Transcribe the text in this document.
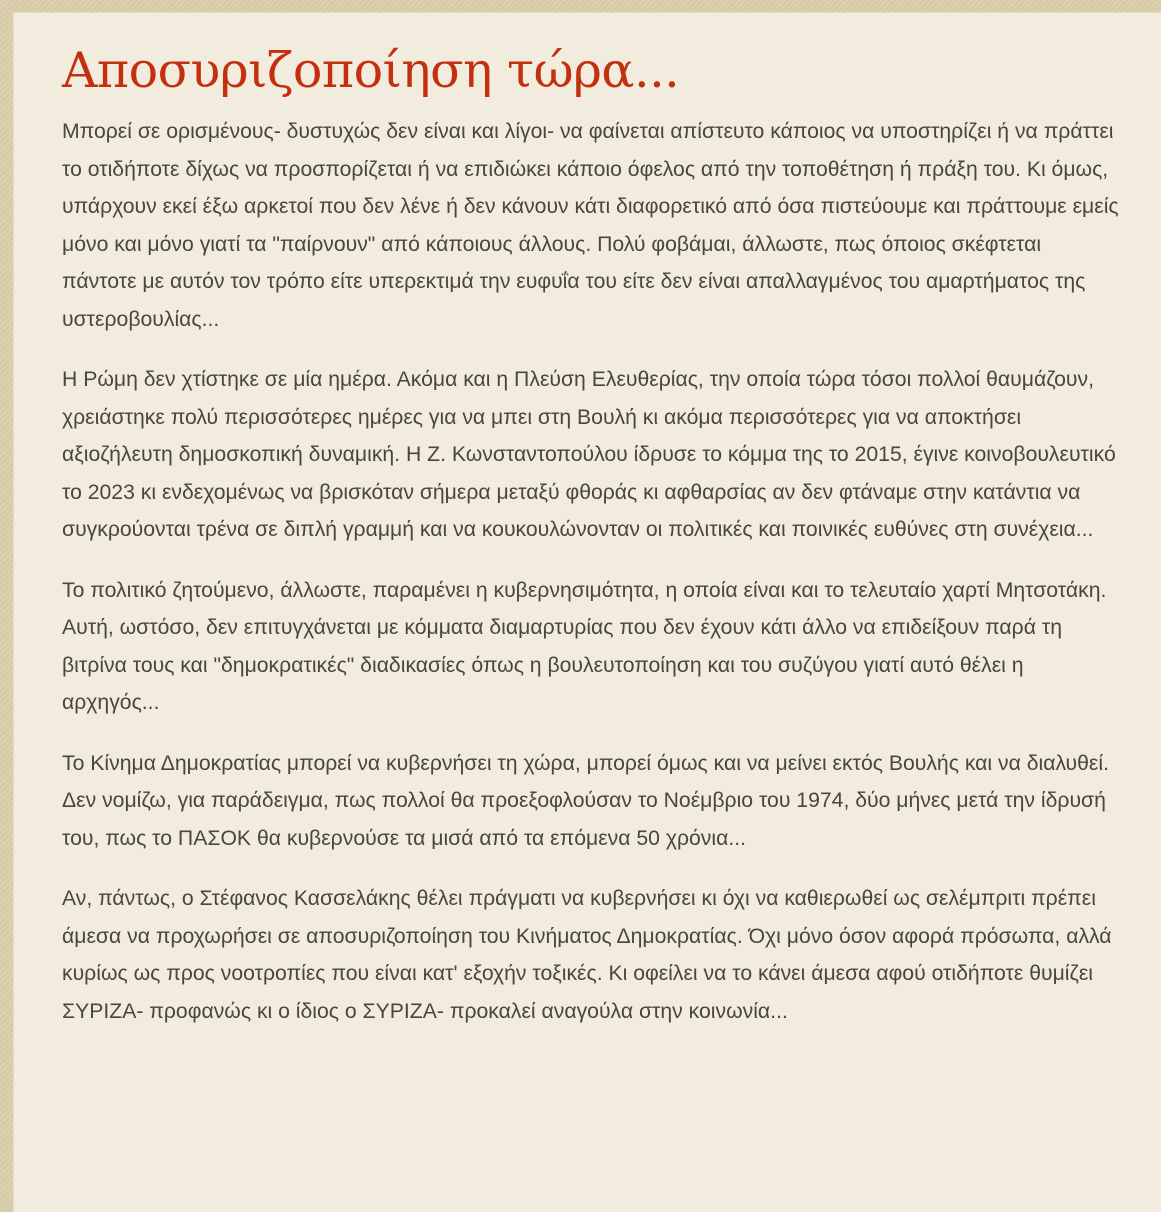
Αποσυριζοποίηση τώρα...

Μπορεί σε ορισμένους- δυστυχώς δεν είναι και λίγοι- να φαίνεται απίστευτο κάποιος να υποστηρίζει ή να πράττει το οτιδήποτε δίχως να προσπορίζεται ή να επιδιώκει κάποιο όφελος από την τοποθέτηση ή πράξη του. Κι όμως, υπάρχουν εκεί έξω αρκετοί που δεν λένε ή δεν κάνουν κάτι διαφορετικό από όσα πιστεύουμε και πράττουμε εμείς μόνο και μόνο γιατί τα "παίρνουν" από κάποιους άλλους. Πολύ φοβάμαι, άλλωστε, πως όποιος σκέφτεται πάντοτε με αυτόν τον τρόπο είτε υπερεκτιμά την ευφυΐα του είτε δεν είναι απαλλαγμένος του αμαρτήματος της υστεροβουλίας...

Η Ρώμη δεν χτίστηκε σε μία ημέρα. Ακόμα και η Πλεύση Ελευθερίας, την οποία τώρα τόσοι πολλοί θαυμάζουν, χρειάστηκε πολύ περισσότερες ημέρες για να μπει στη Βουλή κι ακόμα περισσότερες για να αποκτήσει αξιοζήλευτη δημοσκοπική δυναμική. Η Ζ. Κωνσταντοπούλου ίδρυσε το κόμμα της το 2015, έγινε κοινοβουλευτικό το 2023 κι ενδεχομένως να βρισκόταν σήμερα μεταξύ φθοράς κι αφθαρσίας αν δεν φτάναμε στην κατάντια να συγκρούονται τρένα σε διπλή γραμμή και να κουκουλώνονταν οι πολιτικές και ποινικές ευθύνες στη συνέχεια...

Το πολιτικό ζητούμενο, άλλωστε, παραμένει η κυβερνησιμότητα, η οποία είναι και το τελευταίο χαρτί Μητσοτάκη. Αυτή, ωστόσο, δεν επιτυγχάνεται με κόμματα διαμαρτυρίας που δεν έχουν κάτι άλλο να επιδείξουν παρά τη βιτρίνα τους και "δημοκρατικές" διαδικασίες όπως η βουλευτοποίηση και του συζύγου γιατί αυτό θέλει η αρχηγός...

Το Κίνημα Δημοκρατίας μπορεί να κυβερνήσει τη χώρα, μπορεί όμως και να μείνει εκτός Βουλής και να διαλυθεί. Δεν νομίζω, για παράδειγμα, πως πολλοί θα προεξοφλούσαν το Νοέμβριο του 1974, δύο μήνες μετά την ίδρυσή του, πως το ΠΑΣΟΚ θα κυβερνούσε τα μισά από τα επόμενα 50 χρόνια...

Αν, πάντως, ο Στέφανος Κασσελάκης θέλει πράγματι να κυβερνήσει κι όχι να καθιερωθεί ως σελέμπριτι πρέπει άμεσα να προχωρήσει σε αποσυριζοποίηση του Κινήματος Δημοκρατίας. Όχι μόνο όσον αφορά πρόσωπα, αλλά κυρίως ως προς νοοτροπίες που είναι κατ' εξοχήν τοξικές. Κι οφείλει να το κάνει άμεσα αφού οτιδήποτε θυμίζει ΣΥΡΙΖΑ- προφανώς κι ο ίδιος ο ΣΥΡΙΖΑ- προκαλεί αναγούλα στην κοινωνία...
